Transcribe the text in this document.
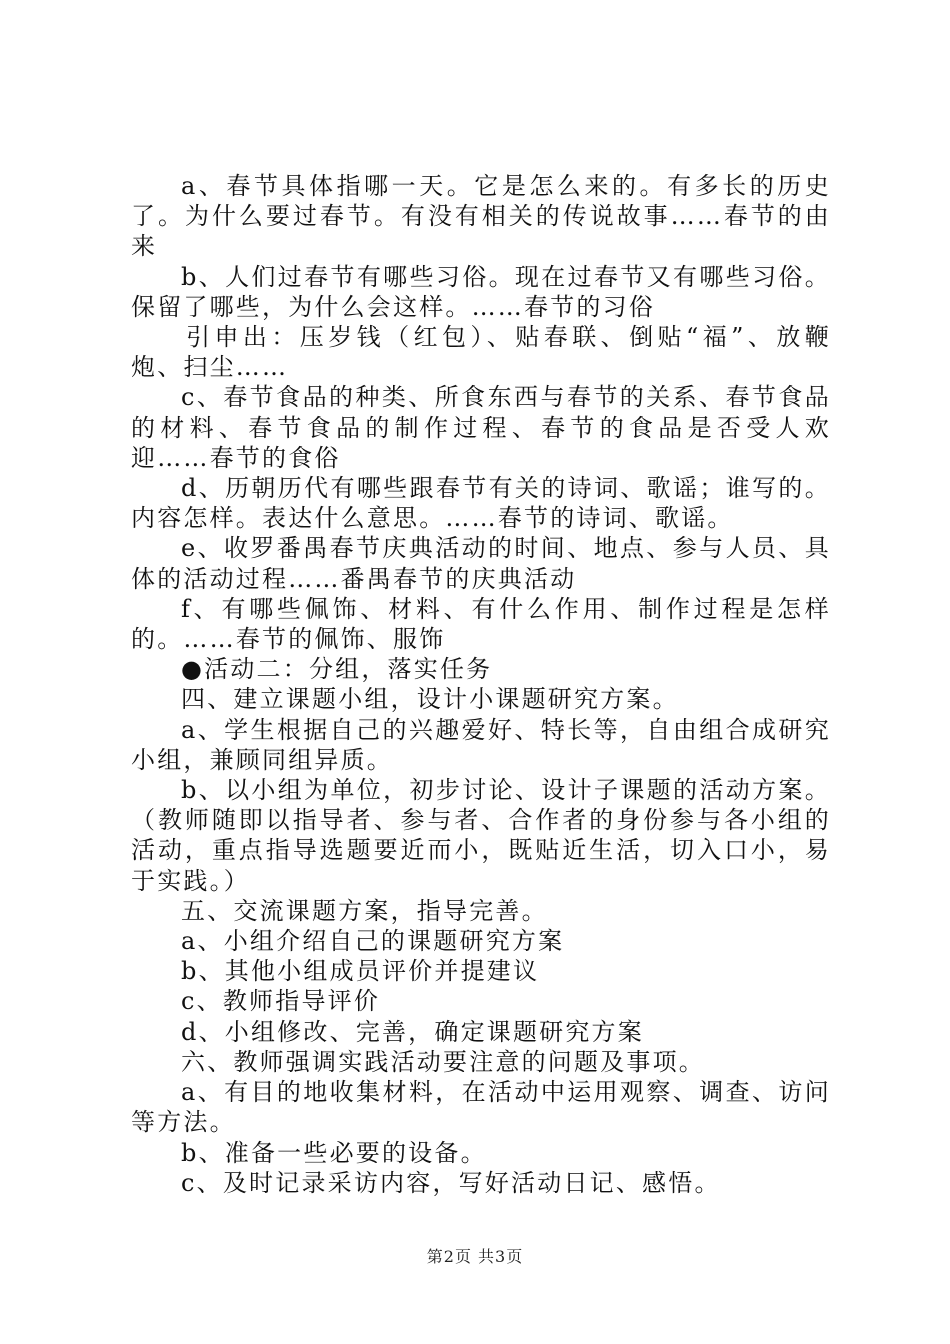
a、春节具体指哪一天。它是怎么来的。有多长的历史了。为什么要过春节。有没有相关的传说故事……春节的由来

b、人们过春节有哪些习俗。现在过春节又有哪些习俗。保留了哪些，为什么会这样。……春节的习俗

引申出：压岁钱（红包）、贴春联、倒贴“福”、放鞭炮、扫尘……

c、春节食品的种类、所食东西与春节的关系、春节食品的材料、春节食品的制作过程、春节的食品是否受人欢迎……春节的食俗

d、历朝历代有哪些跟春节有关的诗词、歌谣；谁写的。内容怎样。表达什么意思。……春节的诗词、歌谣。

e、收罗番禺春节庆典活动的时间、地点、参与人员、具体的活动过程……番禺春节的庆典活动

f、有哪些佩饰、材料、有什么作用、制作过程是怎样的。……春节的佩饰、服饰

●活动二：分组，落实任务

四、建立课题小组，设计小课题研究方案。

a、学生根据自己的兴趣爱好、特长等，自由组合成研究小组，兼顾同组异质。

b、以小组为单位，初步讨论、设计子课题的活动方案。（教师随即以指导者、参与者、合作者的身份参与各小组的活动，重点指导选题要近而小，既贴近生活，切入口小，易于实践。）

五、交流课题方案，指导完善。

a、小组介绍自己的课题研究方案

b、其他小组成员评价并提建议

c、教师指导评价

d、小组修改、完善，确定课题研究方案

六、教师强调实践活动要注意的问题及事项。

a、有目的地收集材料，在活动中运用观察、调查、访问等方法。

b、准备一些必要的设备。

c、及时记录采访内容，写好活动日记、感悟。

第2页 共3页
